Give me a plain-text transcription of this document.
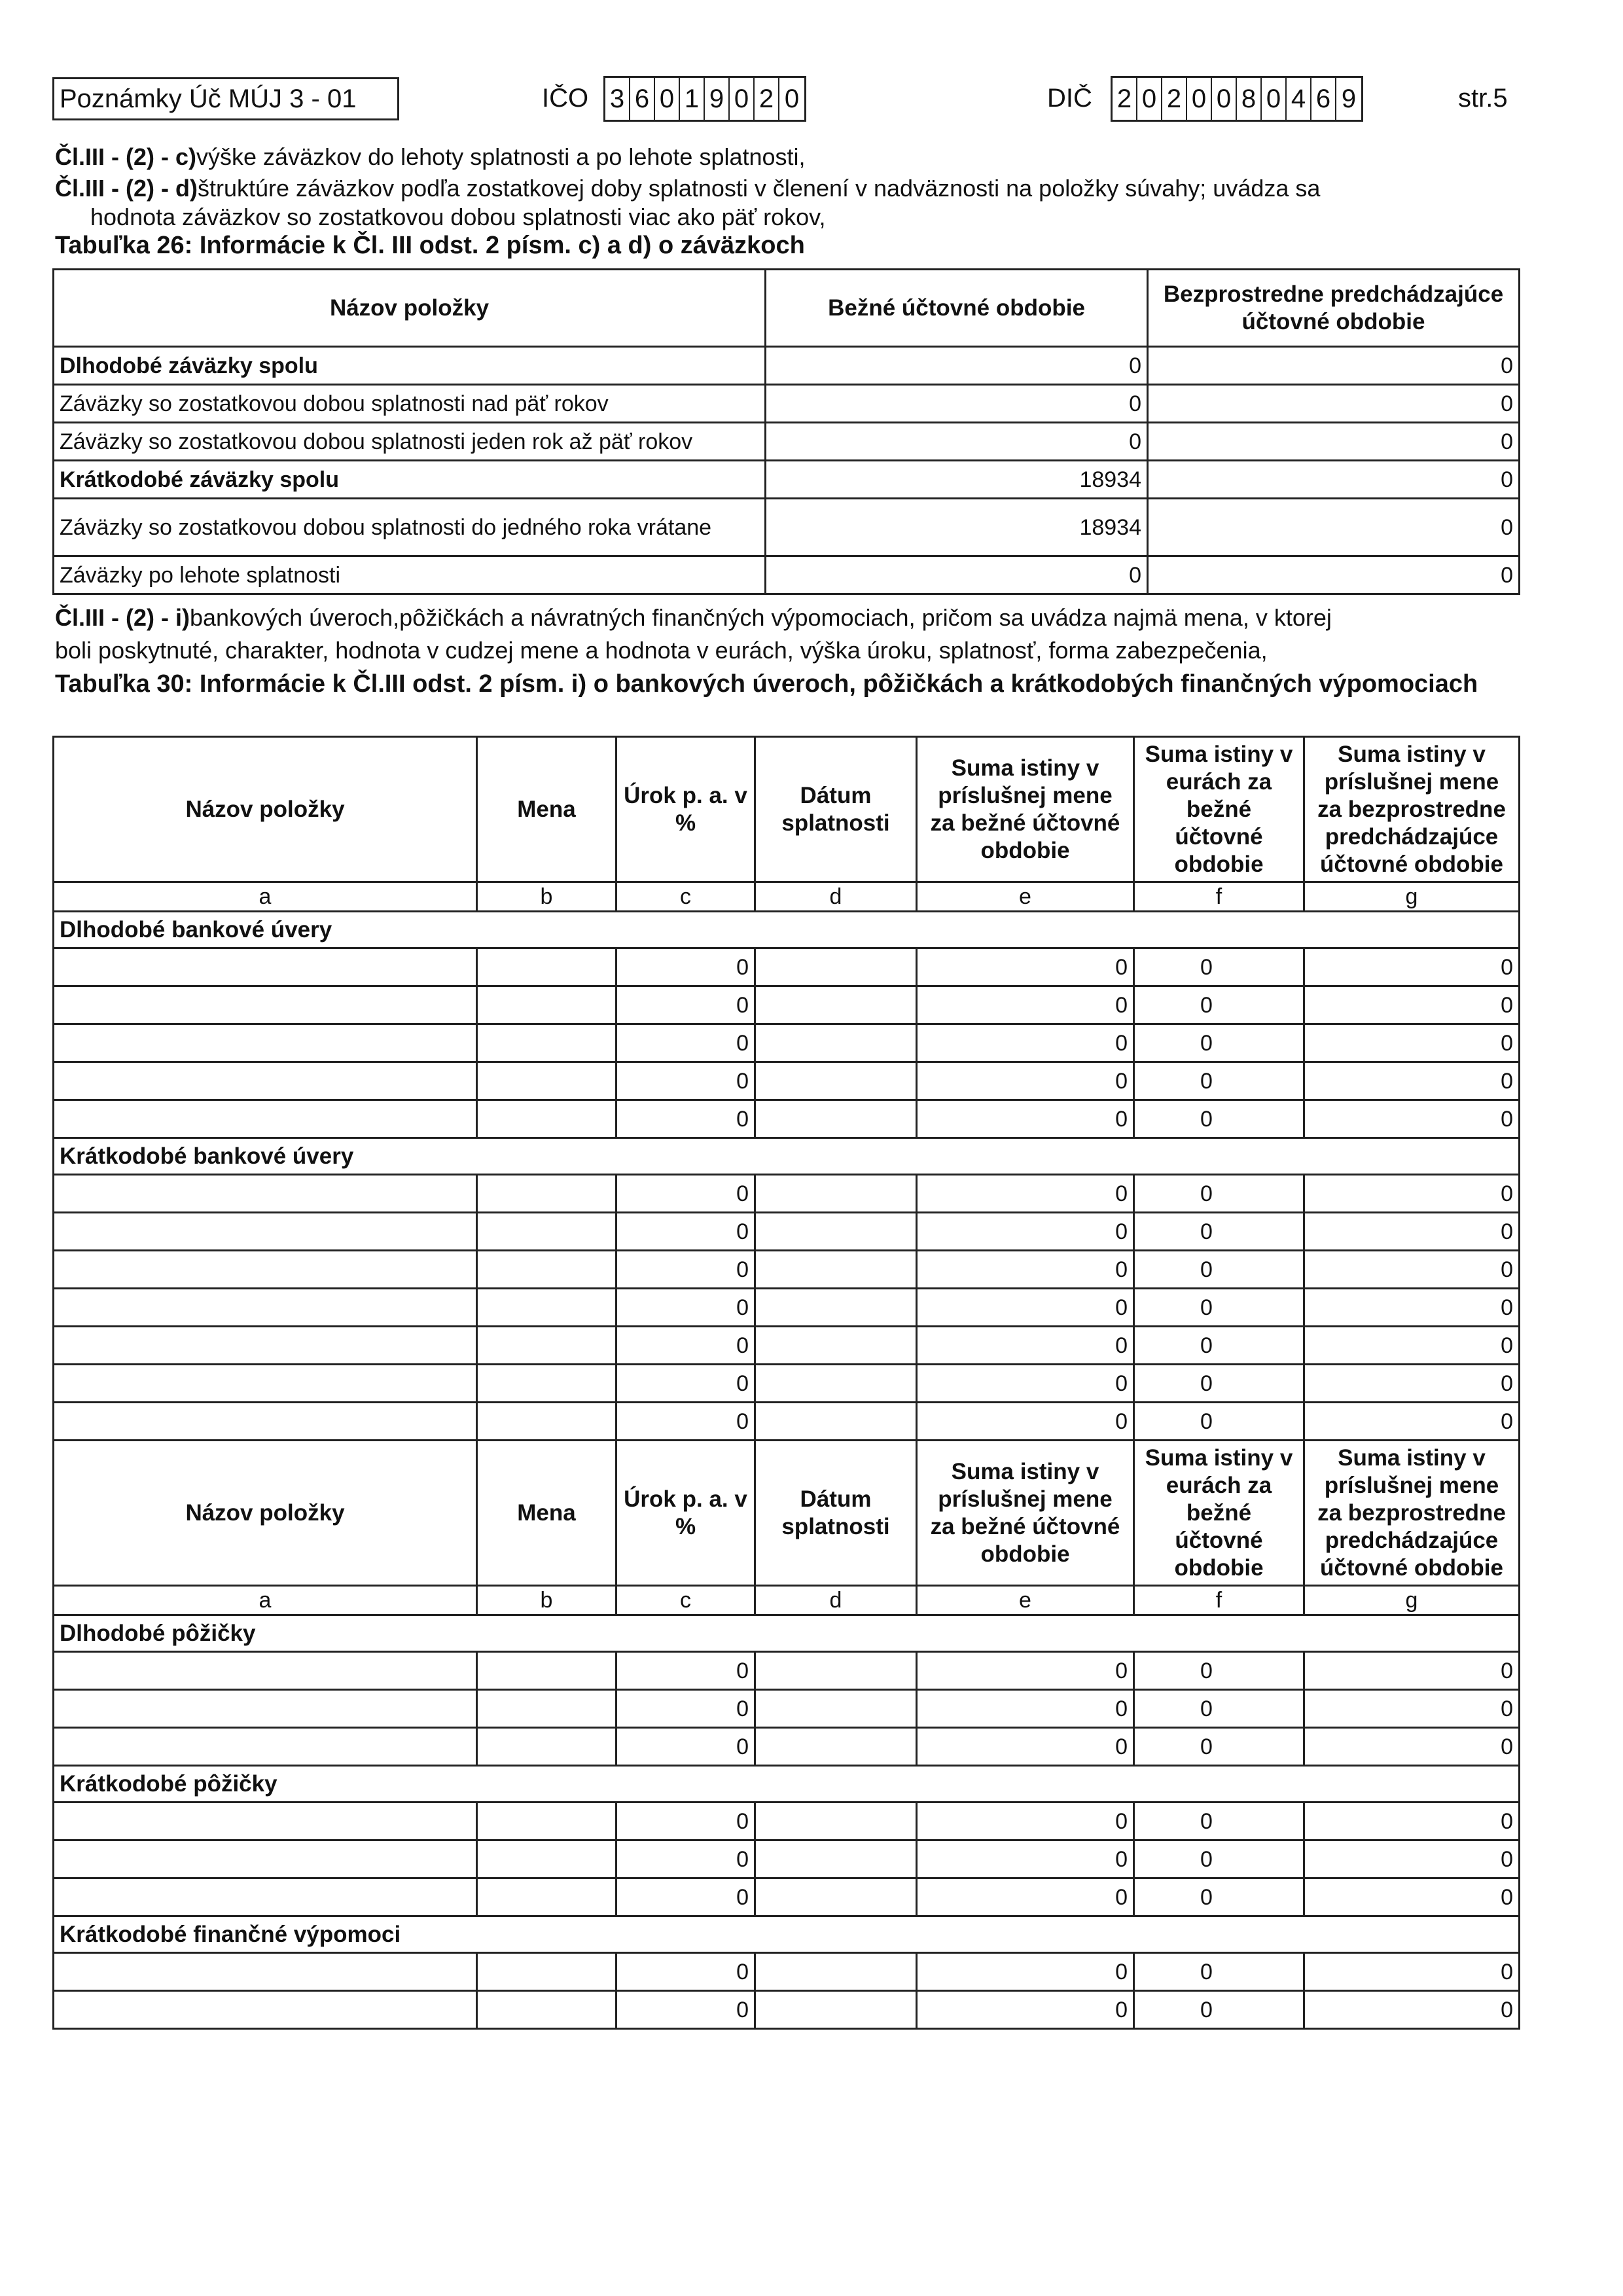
Poznámky Úč MÚJ 3 - 01	IČO 3 6 0 1 9 0 2 0	DIČ 2 0 2 0 0 8 0 4 6 9	str.5
Čl.III - (2) - c)výške záväzkov do lehoty splatnosti a po lehote splatnosti,
Čl.III - (2) - d)štruktúre záväzkov podľa zostatkovej doby splatnosti v členení v nadväznosti na položky súvahy; uvádza sa
hodnota záväzkov so zostatkovou dobou splatnosti viac ako päť rokov,
Tabuľka 26: Informácie k Čl. III odst. 2 písm. c) a d) o záväzkoch
Názov položky	Bežné účtovné obdobie	Bezprostredne predchádzajúce účtovné obdobie
Dlhodobé záväzky spolu	0	0
Záväzky so zostatkovou dobou splatnosti nad päť rokov	0	0
Záväzky so zostatkovou dobou splatnosti jeden rok až päť rokov	0	0
Krátkodobé záväzky spolu	18934	0
Záväzky so zostatkovou dobou splatnosti do jedného roka vrátane	18934	0
Záväzky po lehote splatnosti	0	0
Čl.III - (2) - i)bankových úveroch,pôžičkách a návratných finančných výpomociach, pričom sa uvádza najmä mena, v ktorej
boli poskytnuté, charakter, hodnota v cudzej mene a hodnota v eurách, výška úroku, splatnosť, forma zabezpečenia,
Tabuľka 30: Informácie k Čl.III odst. 2 písm. i) o bankových úveroch, pôžičkách a krátkodobých finančných výpomociach
Názov položky	Mena	Úrok p. a. v %	Dátum splatnosti	Suma istiny v príslušnej mene za bežné účtovné obdobie	Suma istiny v eurách za bežné účtovné obdobie	Suma istiny v príslušnej mene za bezprostredne predchádzajúce účtovné obdobie
a	b	c	d	e	f	g
Dlhodobé bankové úvery						
		0		0	0	0
		0		0	0	0
		0		0	0	0
		0		0	0	0
		0		0	0	0
Krátkodobé bankové úvery						
		0		0	0	0
		0		0	0	0
		0		0	0	0
		0		0	0	0
		0		0	0	0
		0		0	0	0
		0		0	0	0
Názov položky	Mena	Úrok p. a. v %	Dátum splatnosti	Suma istiny v príslušnej mene za bežné účtovné obdobie	Suma istiny v eurách za bežné účtovné obdobie	Suma istiny v príslušnej mene za bezprostredne predchádzajúce účtovné obdobie
a	b	c	d	e	f	g
Dlhodobé pôžičky						
		0		0	0	0
		0		0	0	0
		0		0	0	0
Krátkodobé pôžičky						
		0		0	0	0
		0		0	0	0
		0		0	0	0
Krátkodobé finančné výpomoci						
		0		0	0	0
		0		0	0	0
